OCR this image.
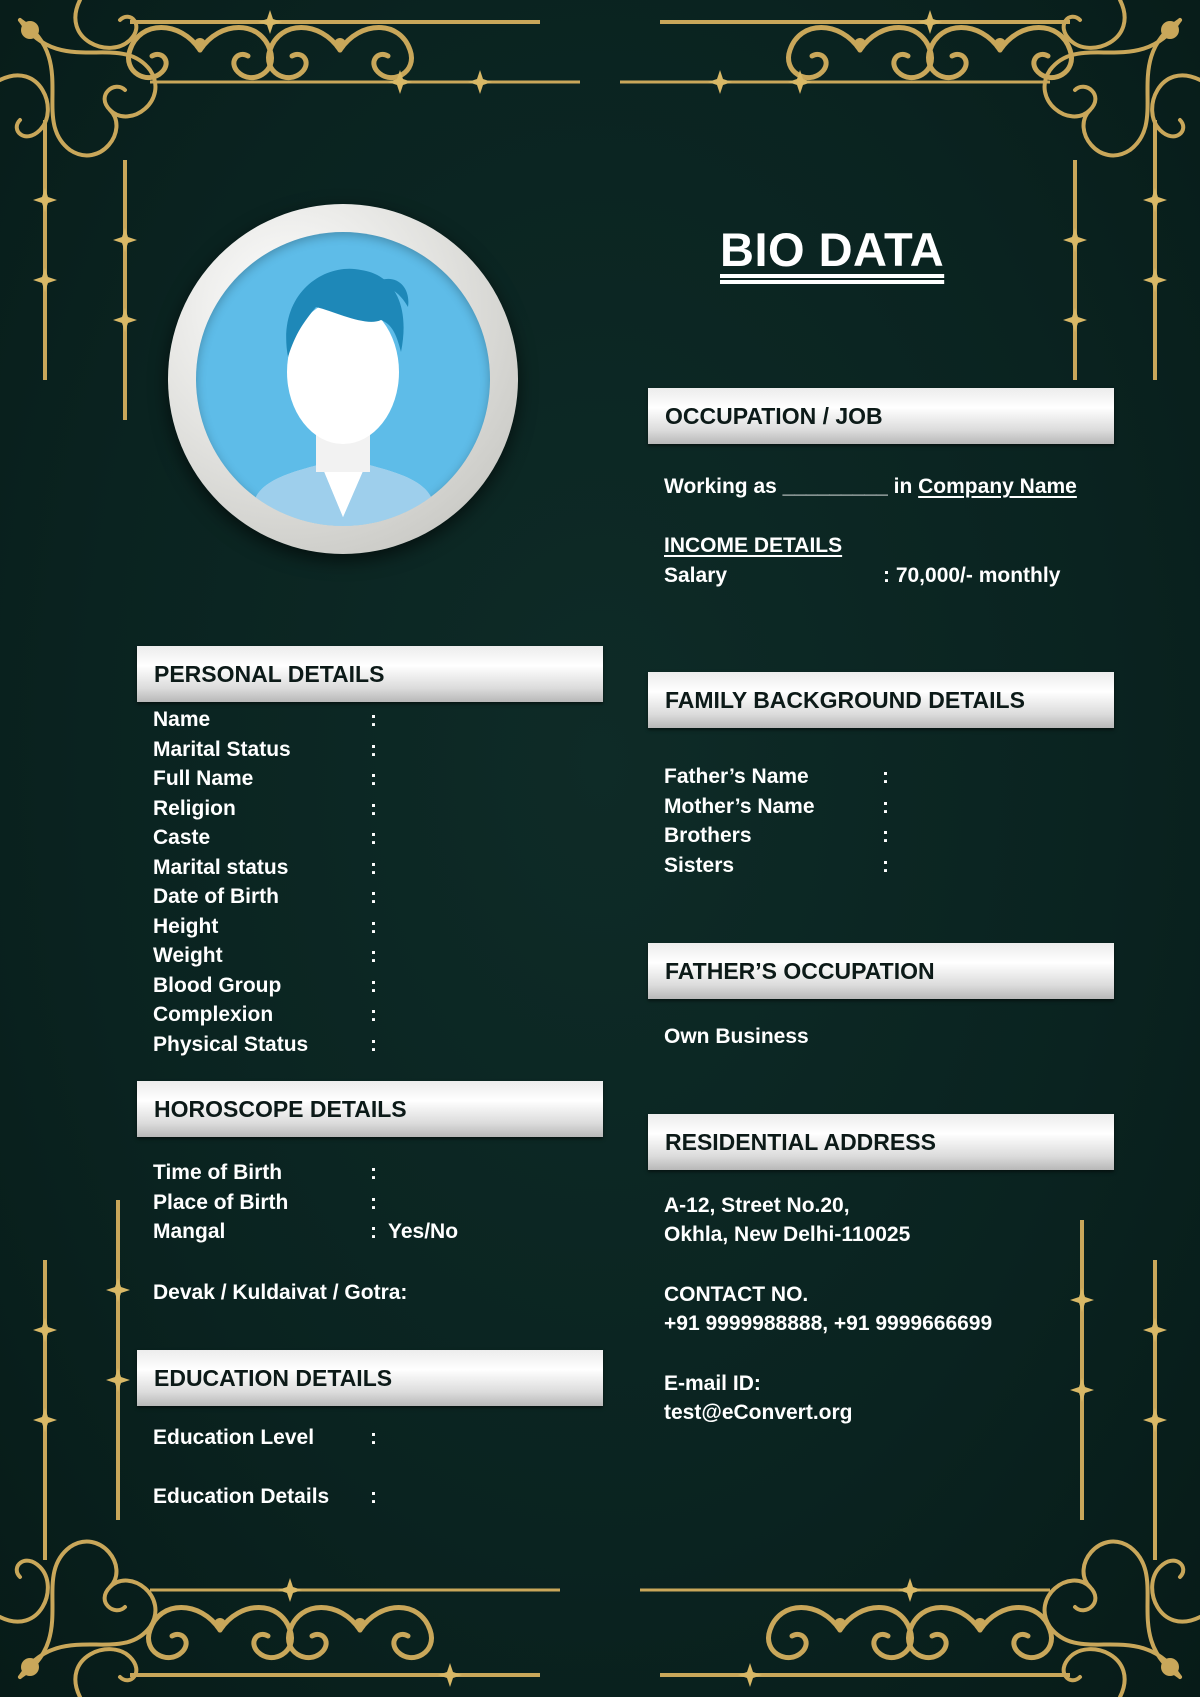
BIO DATA
OCCUPATION / JOB
Working as _________ in Company Name
INCOME DETAILS
Salary	: 70,000/- monthly
PERSONAL DETAILS
Name	:
Marital Status	:
Full Name	:
Religion	:
Caste	:
Marital status	:
Date of Birth	:
Height	:
Weight	:
Blood Group	:
Complexion	:
Physical Status	:
FAMILY BACKGROUND DETAILS
Father’s Name	:
Mother’s Name	:
Brothers	:
Sisters	:
FATHER’S OCCUPATION
Own Business
HOROSCOPE DETAILS
Time of Birth	:
Place of Birth	:
Mangal	: Yes/No
Devak / Kuldaivat / Gotra:
RESIDENTIAL ADDRESS
A-12, Street No.20,
Okhla, New Delhi-110025
CONTACT NO.
+91 9999988888, +91 9999666699
E-mail ID:
test@eConvert.org
EDUCATION DETAILS
Education Level	:
Education Details :
